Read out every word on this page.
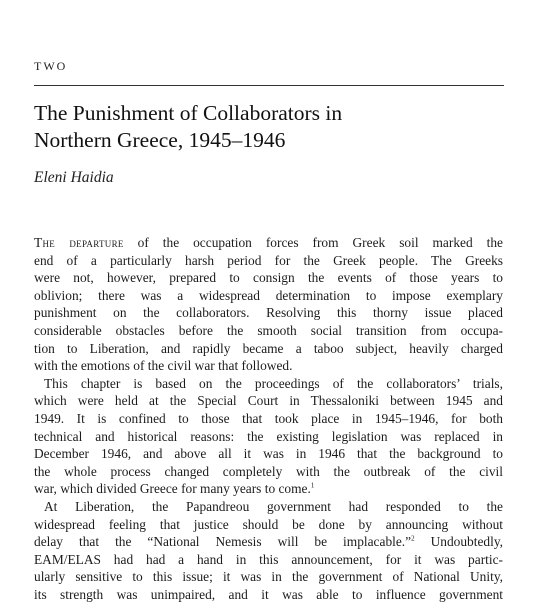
TWO
The Punishment of Collaborators in
Northern Greece, 1945–1946
Eleni Haidia
The departure of the occupation forces from Greek soil marked the
end of a particularly harsh period for the Greek people. The Greeks
were not, however, prepared to consign the events of those years to
oblivion; there was a widespread determination to impose exemplary
punishment on the collaborators. Resolving this thorny issue placed
considerable obstacles before the smooth social transition from occupa-
tion to Liberation, and rapidly became a taboo subject, heavily charged
with the emotions of the civil war that followed.
This chapter is based on the proceedings of the collaborators’ trials,
which were held at the Special Court in Thessaloniki between 1945 and
1949. It is confined to those that took place in 1945–1946, for both
technical and historical reasons: the existing legislation was replaced in
December 1946, and above all it was in 1946 that the background to
the whole process changed completely with the outbreak of the civil
war, which divided Greece for many years to come.$^1$
At Liberation, the Papandreou government had responded to the
widespread feeling that justice should be done by announcing without
delay that the “National Nemesis will be implacable.”$^2$ Undoubtedly,
EAM/ELAS had had a hand in this announcement, for it was partic-
ularly sensitive to this issue; it was in the government of National Unity,
its strength was unimpaired, and it was able to influence government
